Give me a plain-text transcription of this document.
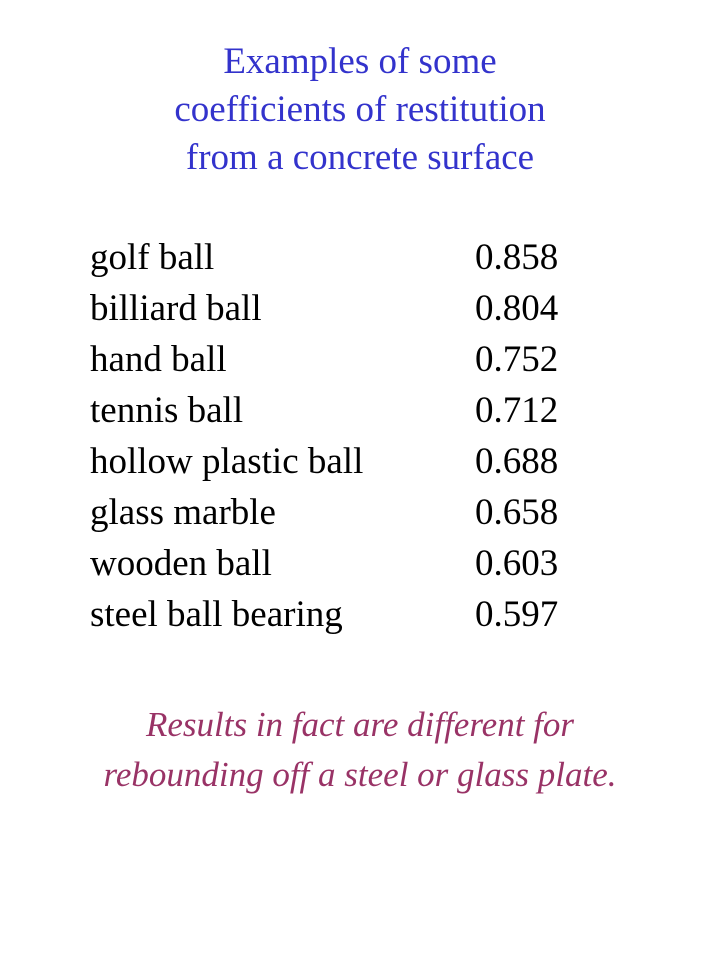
Examples of some
coefficients of restitution
from a concrete surface
golf ball	0.858
billiard ball	0.804
hand ball	0.752
tennis ball	0.712
hollow plastic ball	0.688
glass marble	0.658
wooden ball	0.603
steel ball bearing	0.597
Results in fact are different for
rebounding off a steel or glass plate.
